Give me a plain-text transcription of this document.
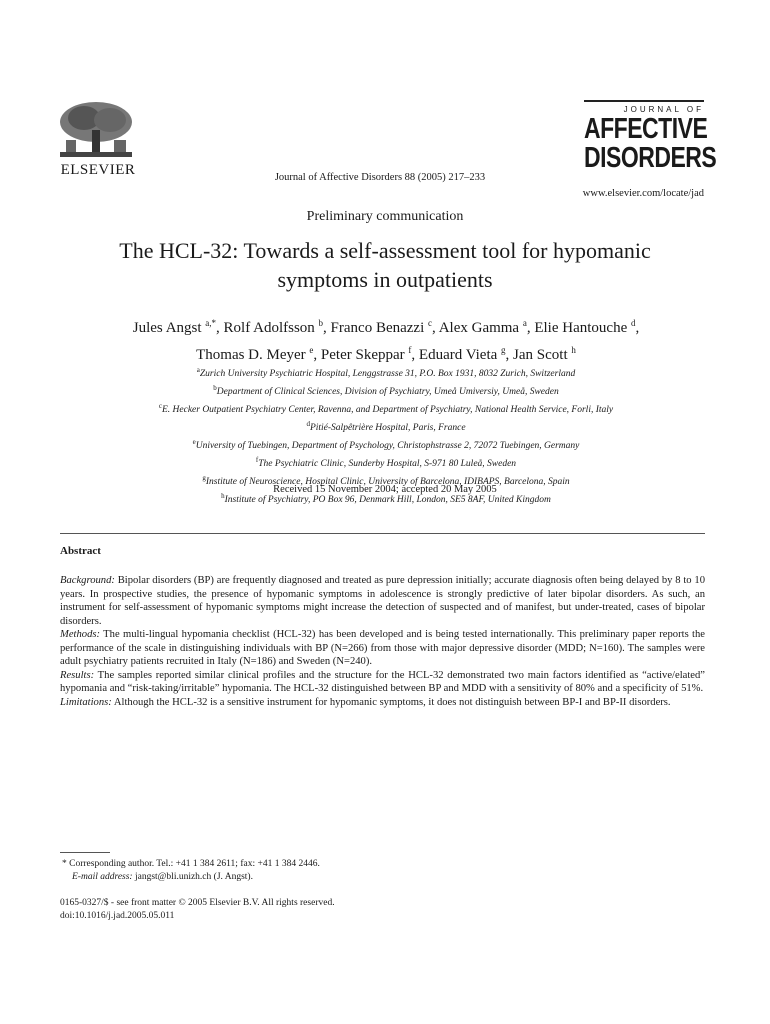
ELSEVIER	Journal of Affective Disorders 88 (2005) 217–233
JOURNAL OF
AFFECTIVE
DISORDERS
www.elsevier.com/locate/jad
Preliminary communication
The HCL-32: Towards a self-assessment tool for hypomanic
symptoms in outpatients
Jules Angst $^{a,*}$, Rolf Adolfsson $^b$, Franco Benazzi $^c$, Alex Gamma $^a$, Elie Hantouche $^d$,
Thomas D. Meyer $^e$, Peter Skeppar $^f$, Eduard Vieta $^g$, Jan Scott $^h$
$^a$Zurich University Psychiatric Hospital, Lenggstrasse 31, P.O. Box 1931, 8032 Zurich, Switzerland
$^b$Department of Clinical Sciences, Division of Psychiatry, Umeå Umiversiy, Umeå, Sweden
$^c$E. Hecker Outpatient Psychiatry Center, Ravenna, and Department of Psychiatry, National Health Service, Forli, Italy
$^d$Pitié-Salpêtrière Hospital, Paris, France
$^e$University of Tuebingen, Department of Psychology, Christophstrasse 2, 72072 Tuebingen, Germany
$^f$The Psychiatric Clinic, Sunderby Hospital, S-971 80 Luleå, Sweden
$^g$Institute of Neuroscience, Hospital Clinic, University of Barcelona, IDIBAPS, Barcelona, Spain
$^h$Institute of Psychiatry, PO Box 96, Denmark Hill, London, SE5 8AF, United Kingdom
Received 15 November 2004; accepted 20 May 2005
Abstract

Background: Bipolar disorders (BP) are frequently diagnosed and treated as pure depression initially; accurate diagnosis often being delayed by 8 to 10 years. In prospective studies, the presence of hypomanic symptoms in adolescence is strongly predictive of later bipolar disorders. As such, an instrument for self-assessment of hypomanic symptoms might increase the detection of suspected and of manifest, but under-treated, cases of bipolar disorders.

Methods: The multi-lingual hypomania checklist (HCL-32) has been developed and is being tested internationally. This preliminary paper reports the performance of the scale in distinguishing individuals with BP (N=266) from those with major depressive disorder (MDD; N=160). The samples were adult psychiatry patients recruited in Italy (N=186) and Sweden (N=240).

Results: The samples reported similar clinical profiles and the structure for the HCL-32 demonstrated two main factors identified as “active/elated” hypomania and “risk-taking/irritable” hypomania. The HCL-32 distinguished between BP and MDD with a sensitivity of 80% and a specificity of 51%.

Limitations: Although the HCL-32 is a sensitive instrument for hypomanic symptoms, it does not distinguish between BP-I and BP-II disorders.

* Corresponding author. Tel.: +41 1 384 2611; fax: +41 1 384 2446.
E-mail address: jangst@bli.unizh.ch (J. Angst).
0165-0327/$ - see front matter © 2005 Elsevier B.V. All rights reserved.
doi:10.1016/j.jad.2005.05.011
